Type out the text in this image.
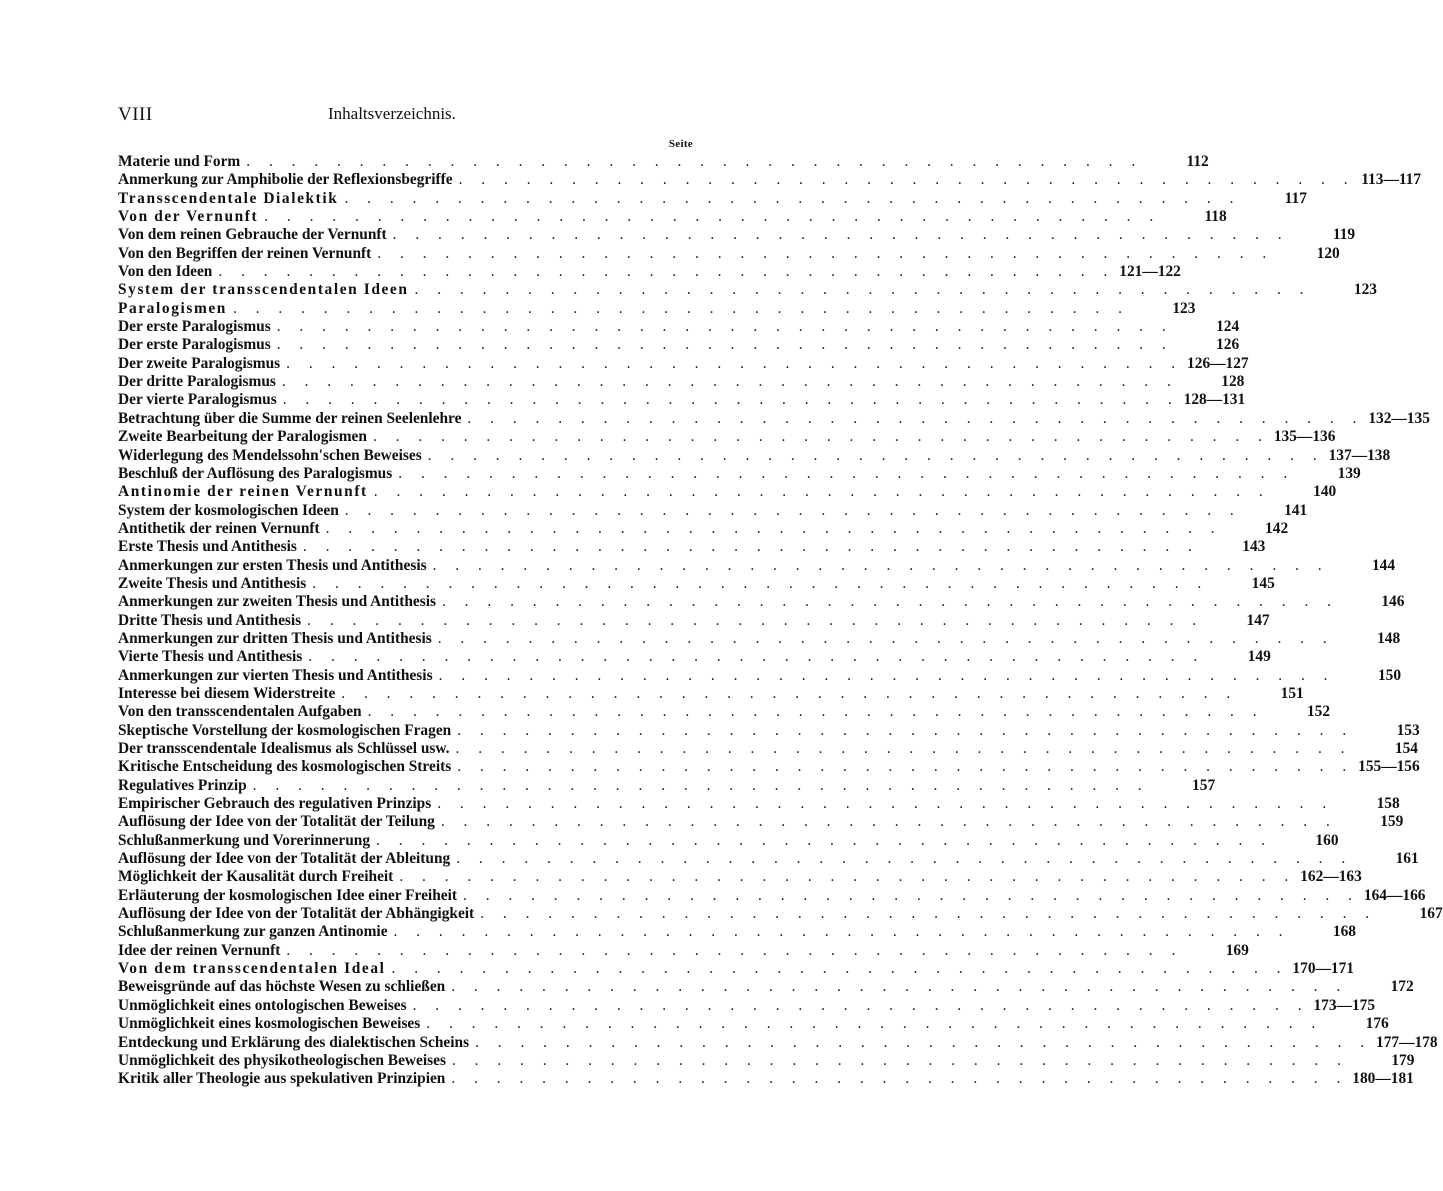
VIII	Inhaltsverzeichnis.
Seite
Materie und Form . . . . . . . . . . . . . . . . . . . . . . . . . . . . . . . . . . . . . . . .	112
Anmerkung zur Amphibolie der Reflexionsbegriffe . . . . . . . . . . . . . . . . . . . . . . . . . . . . . . . . . . . . . . . . 113—117
Transscendentale Dialektik . . . . . . . . . . . . . . . . . . . . . . . . . . . . . . . . . . . . . . . .	117
Von der Vernunft . . . . . . . . . . . . . . . . . . . . . . . . . . . . . . . . . . . . . . . .	118
Von dem reinen Gebrauche der Vernunft . . . . . . . . . . . . . . . . . . . . . . . . . . . . . . . . . . . . . . . .	119
Von den Begriffen der reinen Vernunft . . . . . . . . . . . . . . . . . . . . . . . . . . . . . . . . . . . . . . . .	120
Von den Ideen . . . . . . . . . . . . . . . . . . . . . . . . . . . . . . . . . . . . . . . . 121—122
System der transscendentalen Ideen . . . . . . . . . . . . . . . . . . . . . . . . . . . . . . . . . . . . . . . .	123
Paralogismen . . . . . . . . . . . . . . . . . . . . . . . . . . . . . . . . . . . . . . . .	123
Der erste Paralogismus . . . . . . . . . . . . . . . . . . . . . . . . . . . . . . . . . . . . . . . .	124
Der erste Paralogismus . . . . . . . . . . . . . . . . . . . . . . . . . . . . . . . . . . . . . . . .	126
Der zweite Paralogismus . . . . . . . . . . . . . . . . . . . . . . . . . . . . . . . . . . . . . . . . 126—127
Der dritte Paralogismus . . . . . . . . . . . . . . . . . . . . . . . . . . . . . . . . . . . . . . . .	128
Der vierte Paralogismus . . . . . . . . . . . . . . . . . . . . . . . . . . . . . . . . . . . . . . . . 128—131
Betrachtung über die Summe der reinen Seelenlehre . . . . . . . . . . . . . . . . . . . . . . . . . . . . . . . . . . . . . . . . 132—135
Zweite Bearbeitung der Paralogismen . . . . . . . . . . . . . . . . . . . . . . . . . . . . . . . . . . . . . . . . 135—136
Widerlegung des Mendelssohn'schen Beweises . . . . . . . . . . . . . . . . . . . . . . . . . . . . . . . . . . . . . . . . 137—138
Beschluß der Auflösung des Paralogismus . . . . . . . . . . . . . . . . . . . . . . . . . . . . . . . . . . . . . . . .	139
Antinomie der reinen Vernunft . . . . . . . . . . . . . . . . . . . . . . . . . . . . . . . . . . . . . . . .	140
System der kosmologischen Ideen . . . . . . . . . . . . . . . . . . . . . . . . . . . . . . . . . . . . . . . .	141
Antithetik der reinen Vernunft . . . . . . . . . . . . . . . . . . . . . . . . . . . . . . . . . . . . . . . .	142
Erste Thesis und Antithesis . . . . . . . . . . . . . . . . . . . . . . . . . . . . . . . . . . . . . . . .	143
Anmerkungen zur ersten Thesis und Antithesis . . . . . . . . . . . . . . . . . . . . . . . . . . . . . . . . . . . . . . . .	144
Zweite Thesis und Antithesis . . . . . . . . . . . . . . . . . . . . . . . . . . . . . . . . . . . . . . . .	145
Anmerkungen zur zweiten Thesis und Antithesis . . . . . . . . . . . . . . . . . . . . . . . . . . . . . . . . . . . . . . . .	146
Dritte Thesis und Antithesis . . . . . . . . . . . . . . . . . . . . . . . . . . . . . . . . . . . . . . . .	147
Anmerkungen zur dritten Thesis und Antithesis . . . . . . . . . . . . . . . . . . . . . . . . . . . . . . . . . . . . . . . .	148
Vierte Thesis und Antithesis . . . . . . . . . . . . . . . . . . . . . . . . . . . . . . . . . . . . . . . .	149
Anmerkungen zur vierten Thesis und Antithesis . . . . . . . . . . . . . . . . . . . . . . . . . . . . . . . . . . . . . . . .	150
Interesse bei diesem Widerstreite . . . . . . . . . . . . . . . . . . . . . . . . . . . . . . . . . . . . . . . .	151
Von den transscendentalen Aufgaben . . . . . . . . . . . . . . . . . . . . . . . . . . . . . . . . . . . . . . . .	152
Skeptische Vorstellung der kosmologischen Fragen . . . . . . . . . . . . . . . . . . . . . . . . . . . . . . . . . . . . . . . .	153
Der transscendentale Idealismus als Schlüssel usw. . . . . . . . . . . . . . . . . . . . . . . . . . . . . . . . . . . . . . . . .	154
Kritische Entscheidung des kosmologischen Streits . . . . . . . . . . . . . . . . . . . . . . . . . . . . . . . . . . . . . . . . 155—156
Regulatives Prinzip . . . . . . . . . . . . . . . . . . . . . . . . . . . . . . . . . . . . . . . .	157
Empirischer Gebrauch des regulativen Prinzips . . . . . . . . . . . . . . . . . . . . . . . . . . . . . . . . . . . . . . . .	158
Auflösung der Idee von der Totalität der Teilung . . . . . . . . . . . . . . . . . . . . . . . . . . . . . . . . . . . . . . . .	159
Schlußanmerkung und Vorerinnerung . . . . . . . . . . . . . . . . . . . . . . . . . . . . . . . . . . . . . . . .	160
Auflösung der Idee von der Totalität der Ableitung . . . . . . . . . . . . . . . . . . . . . . . . . . . . . . . . . . . . . . . .	161
Möglichkeit der Kausalität durch Freiheit . . . . . . . . . . . . . . . . . . . . . . . . . . . . . . . . . . . . . . . . 162—163
Erläuterung der kosmologischen Idee einer Freiheit . . . . . . . . . . . . . . . . . . . . . . . . . . . . . . . . . . . . . . . . 164—166
Auflösung der Idee von der Totalität der Abhängigkeit . . . . . . . . . . . . . . . . . . . . . . . . . . . . . . . . . . . . . . . .	167
Schlußanmerkung zur ganzen Antinomie . . . . . . . . . . . . . . . . . . . . . . . . . . . . . . . . . . . . . . . .	168
Idee der reinen Vernunft . . . . . . . . . . . . . . . . . . . . . . . . . . . . . . . . . . . . . . . .	169
Von dem transscendentalen Ideal . . . . . . . . . . . . . . . . . . . . . . . . . . . . . . . . . . . . . . . . 170—171
Beweisgründe auf das höchste Wesen zu schließen . . . . . . . . . . . . . . . . . . . . . . . . . . . . . . . . . . . . . . . .	172
Unmöglichkeit eines ontologischen Beweises . . . . . . . . . . . . . . . . . . . . . . . . . . . . . . . . . . . . . . . . 173—175
Unmöglichkeit eines kosmologischen Beweises . . . . . . . . . . . . . . . . . . . . . . . . . . . . . . . . . . . . . . . .	176
Entdeckung und Erklärung des dialektischen Scheins . . . . . . . . . . . . . . . . . . . . . . . . . . . . . . . . . . . . . . . . 177—178
Unmöglichkeit des physikotheologischen Beweises . . . . . . . . . . . . . . . . . . . . . . . . . . . . . . . . . . . . . . . .	179
Kritik aller Theologie aus spekulativen Prinzipien . . . . . . . . . . . . . . . . . . . . . . . . . . . . . . . . . . . . . . . . 180—181
